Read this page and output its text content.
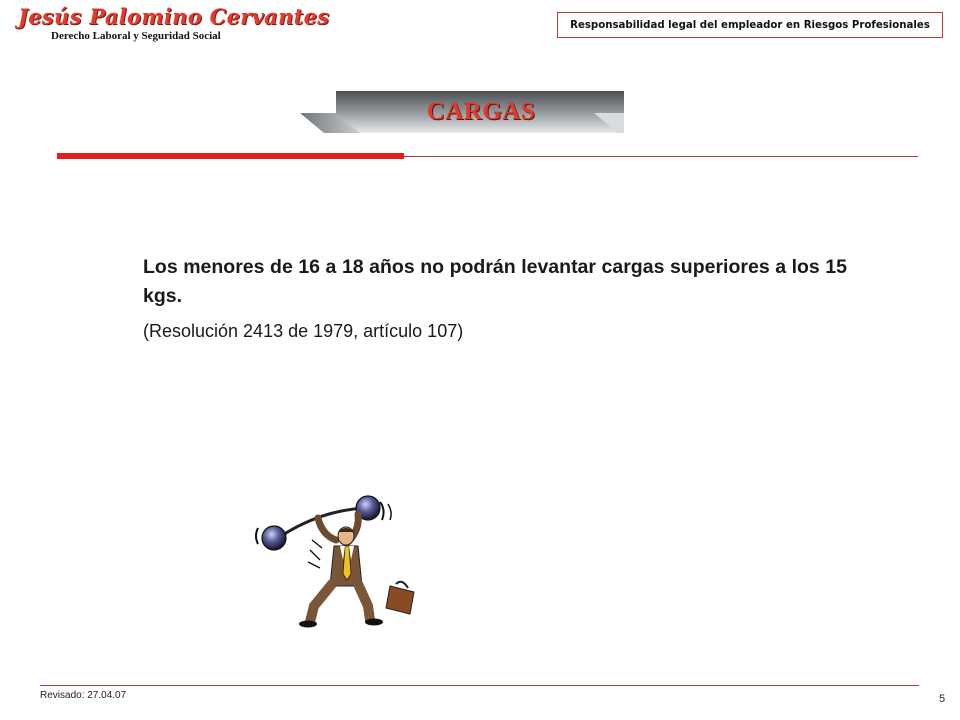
Jesús Palomino Cervantes
Derecho Laboral y Seguridad Social
Responsabilidad legal del empleador en Riesgos Profesionales
CARGAS
Los menores de 16 a 18 años no podrán levantar cargas superiores a los 15 kgs.
(Resolución 2413 de 1979, artículo 107)
Revisado: 27.04.07	5
